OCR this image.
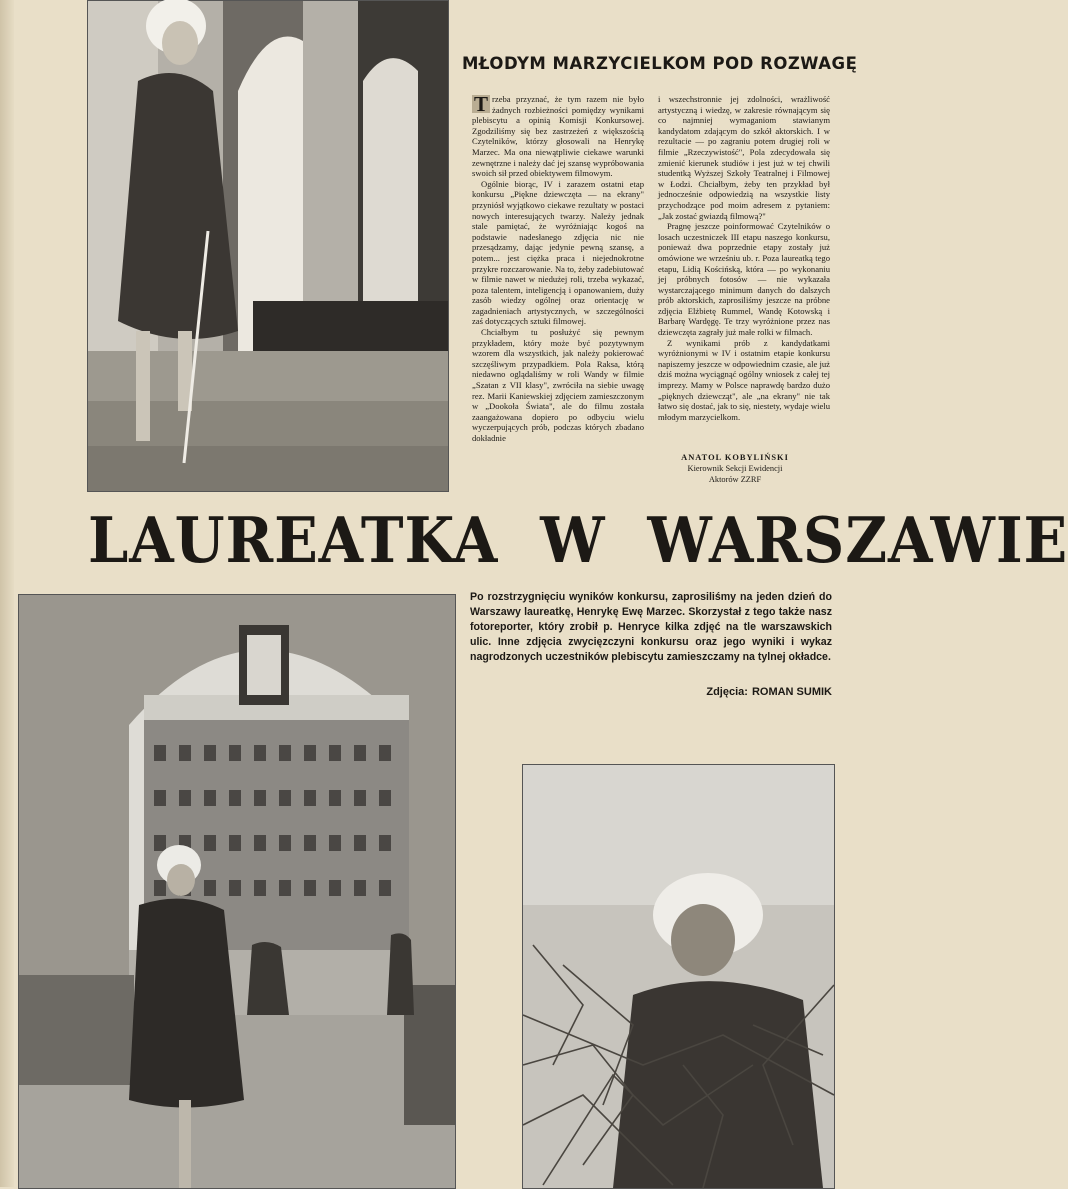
MŁODYM MARZYCIELKOM POD ROZWAGĘ

T rzeba przyznać, że tym razem nie było żadnych rozbieżności pomiędzy wynikami plebiscytu a opinią Komisji Konkursowej. Zgodziliśmy się bez zastrzeżeń z większością Czytelników, którzy głosowali na Henrykę Marzec. Ma ona niewątpliwie ciekawe warunki zewnętrzne i należy dać jej szansę wypróbowania swoich sił przed obiektywem filmowym.

Ogólnie biorąc, IV i zarazem ostatni etap konkursu „Piękne dziewczęta — na ekrany" przyniósł wyjątkowo ciekawe rezultaty w postaci nowych interesujących twarzy. Należy jednak stale pamiętać, że wyróżniając kogoś na podstawie nadesłanego zdjęcia nic nie przesądzamy, dając jedynie pewną szansę, a potem... jest ciężka praca i niejednokrotne przykre rozczarowanie. Na to, żeby zadebiutować w filmie nawet w niedużej roli, trzeba wykazać, poza talentem, inteligencją i opanowaniem, duży zasób wiedzy ogólnej oraz orientację w zagadnieniach artystycznych, w szczególności zaś dotyczących sztuki filmowej.

Chciałbym tu posłużyć się pewnym przykładem, który może być pozytywnym wzorem dla wszystkich, jak należy pokierować szczęśliwym przypadkiem. Pola Raksa, którą niedawno oglądaliśmy w roli Wandy w filmie „Szatan z VII klasy", zwróciła na siebie uwagę rez. Marii Kaniewskiej zdjęciem zamieszczonym w „Dookoła Świata", ale do filmu została zaangażowana dopiero po odbyciu wielu wyczerpujących prób, podczas których zbadano dokładnie

i wszechstronnie jej zdolności, wrażliwość artystyczną i wiedzę, w zakresie równającym się co najmniej wymaganiom stawianym kandydatom zdającym do szkół aktorskich. I w rezultacie — po zagraniu potem drugiej roli w filmie „Rzeczywistość", Pola zdecydowała się zmienić kierunek studiów i jest już w tej chwili studentką Wyższej Szkoły Teatralnej i Filmowej w Łodzi. Chciałbym, żeby ten przykład był jednocześnie odpowiedzią na wszystkie listy przychodzące pod moim adresem z pytaniem: „Jak zostać gwiazdą filmową?"

Pragnę jeszcze poinformować Czytelników o losach uczestniczek III etapu naszego konkursu, ponieważ dwa poprzednie etapy zostały już omówione we wrześniu ub. r. Poza laureatką tego etapu, Lidią Kościńską, która — po wykonaniu jej próbnych fotosów — nie wykazała wystarczającego minimum danych do dalszych prób aktorskich, zaprosiliśmy jeszcze na próbne zdjęcia Elżbietę Rummel, Wandę Kotowską i Barbarę Wardęgę. Te trzy wyróżnione przez nas dziewczęta zagrały już małe rolki w filmach.

Z wynikami prób z kandydatkami wyróżnionymi w IV i ostatnim etapie konkursu napiszemy jeszcze w odpowiednim czasie, ale już dziś można wyciągnąć ogólny wniosek z całej tej imprezy. Mamy w Polsce naprawdę bardzo dużo „pięknych dziewcząt", ale „na ekrany" nie tak łatwo się dostać, jak to się, niestety, wydaje wielu młodym marzycielkom.

ANATOL KOBYLIŃSKI
Kierownik Sekcji Ewidencji
Aktorów ZZRF
LAUREATKA W WARSZAWIE

Po rozstrzygnięciu wyników konkursu, zaprosiliśmy na jeden dzień do Warszawy laureatkę, Henrykę Ewę Marzec. Skorzystał z tego także nasz fotoreporter, który zrobił p. Henryce kilka zdjęć na tle warszawskich ulic. Inne zdjęcia zwycięzczyni konkursu oraz jego wyniki i wykaz nagrodzonych uczestników plebiscytu zamieszczamy na tylnej okładce.

Zdjęcia: ROMAN SUMIK
